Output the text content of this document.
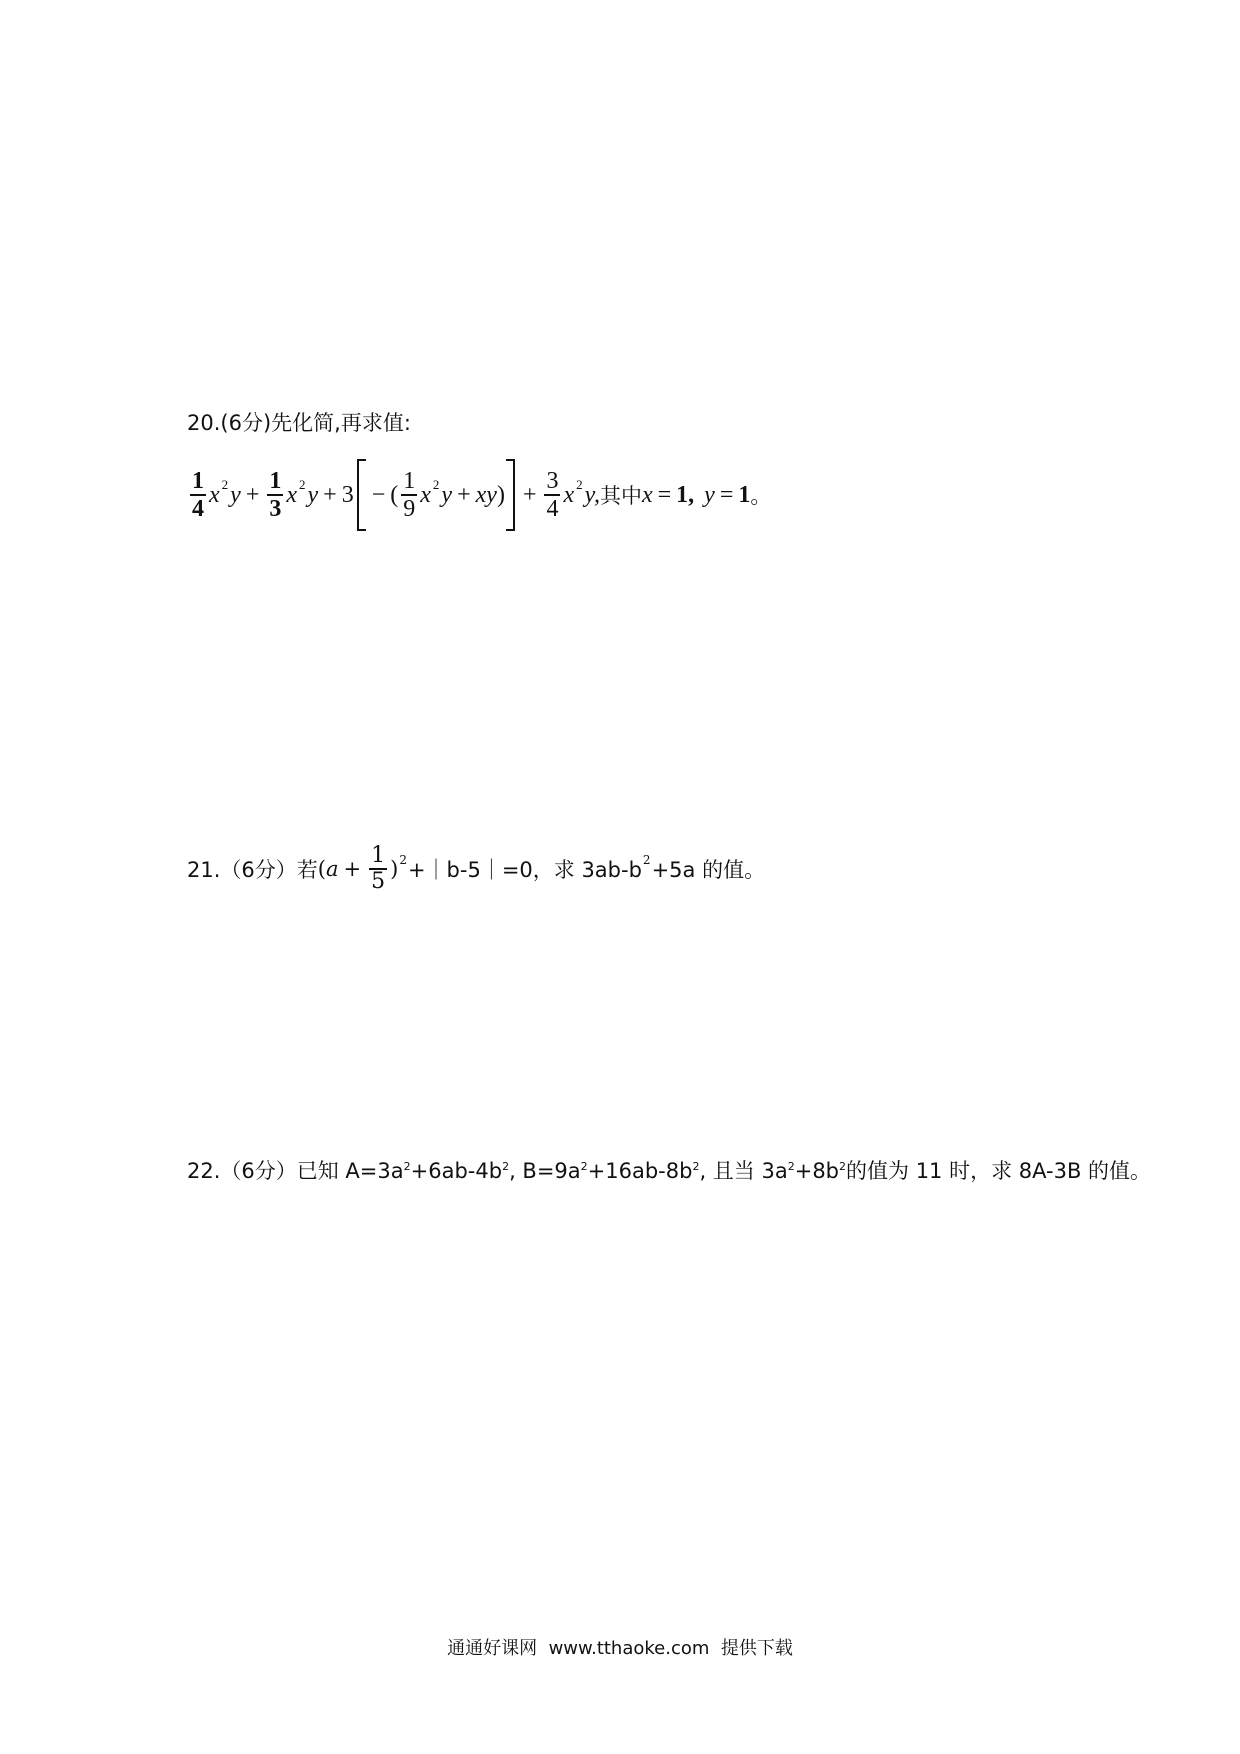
20.(6分)先化简,再求值:
$\frac{1}{4}$ x 2 $y + \frac{1}{3}$ x 2 y + 3 − ( $\frac{1}{9}$ x 2 y + xy ) + $\frac{3}{4}$ x 2 y, 其中 x = 1, y = 1 。
21.（6分）若 ( $a + \frac{1}{5}$ ) 2 +｜b-5｜=0，求 3ab-b 2 +5a 的值。
22.（6分）已知 $A=3a^2+6ab-4b^2$, $B=9a^2+16ab-8b^2$, 且当 $3a^2+8b^2$的值为 11 时，求 8A-3B 的值。
通通好课网  www.tthaoke.com  提供下载
